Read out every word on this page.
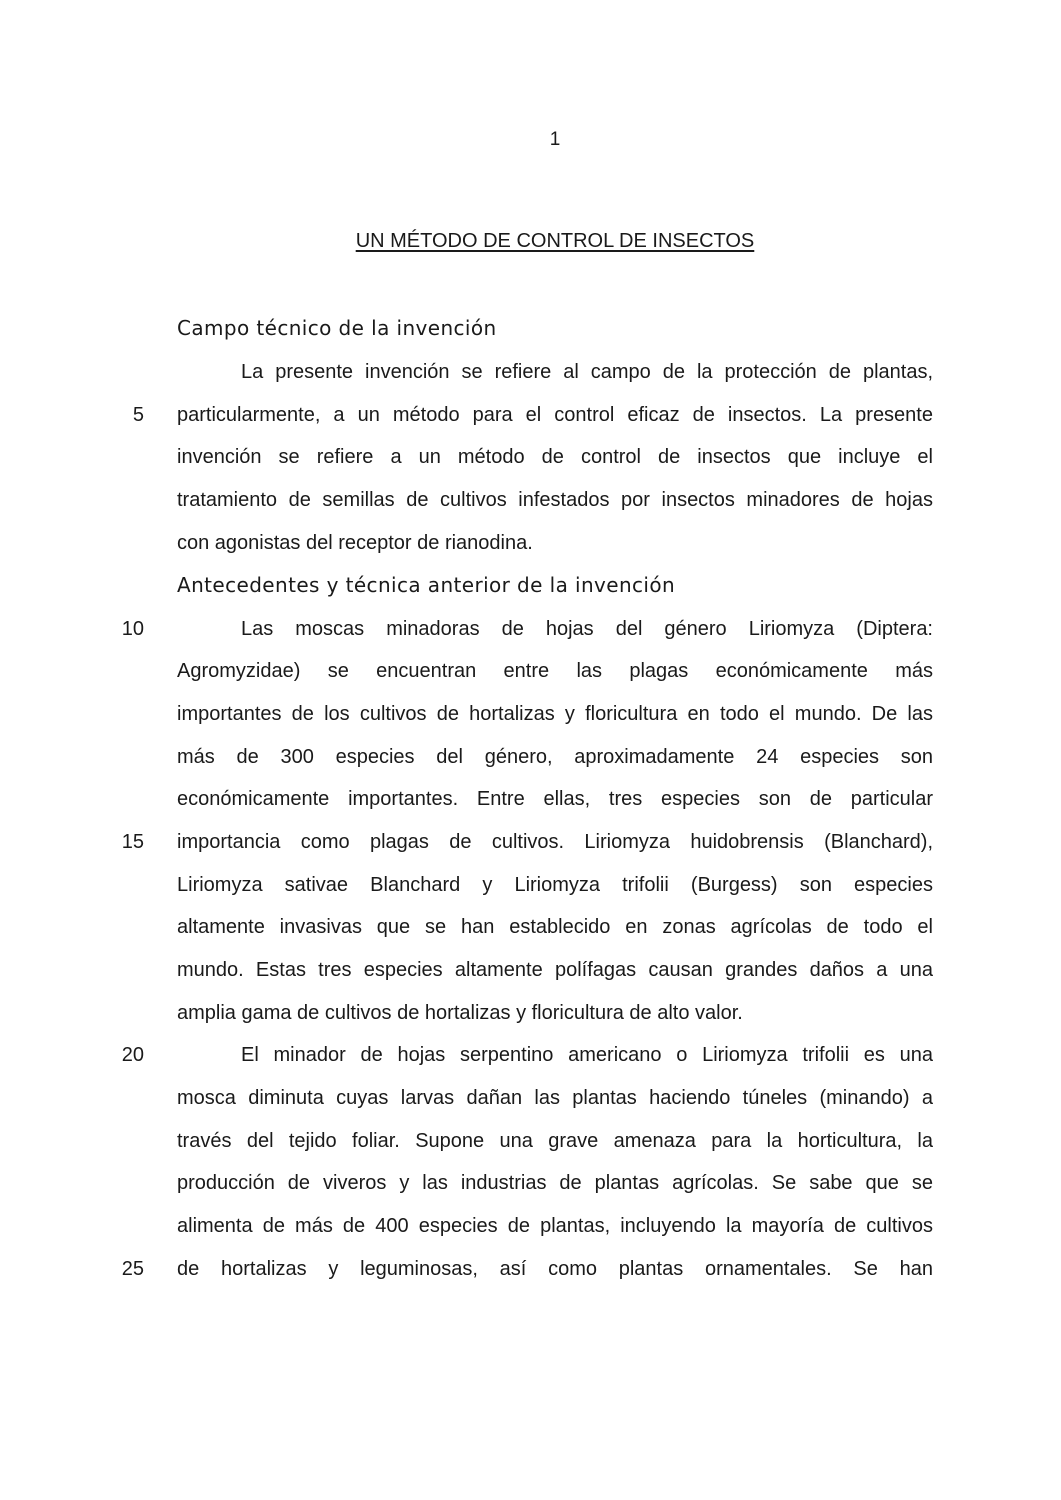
1
UN MÉTODO DE CONTROL DE INSECTOS
Campo técnico de la invención
La presente invención se refiere al campo de la protección de plantas,
5 particularmente, a un método para el control eficaz de insectos. La presente
invención se refiere a un método de control de insectos que incluye el
tratamiento de semillas de cultivos infestados por insectos minadores de hojas
con agonistas del receptor de rianodina.
Antecedentes y técnica anterior de la invención
10	Las moscas minadoras de hojas del género Liriomyza (Diptera:
Agromyzidae) se encuentran entre las plagas económicamente más
importantes de los cultivos de hortalizas y floricultura en todo el mundo. De las
más de 300 especies del género, aproximadamente 24 especies son
económicamente importantes. Entre ellas, tres especies son de particular
15 importancia como plagas de cultivos. Liriomyza huidobrensis (Blanchard),
Liriomyza sativae Blanchard y Liriomyza trifolii (Burgess) son especies
altamente invasivas que se han establecido en zonas agrícolas de todo el
mundo. Estas tres especies altamente polífagas causan grandes daños a una
amplia gama de cultivos de hortalizas y floricultura de alto valor.
20	El minador de hojas serpentino americano o Liriomyza trifolii es una
mosca diminuta cuyas larvas dañan las plantas haciendo túneles (minando) a
través del tejido foliar. Supone una grave amenaza para la horticultura, la
producción de viveros y las industrias de plantas agrícolas. Se sabe que se
alimenta de más de 400 especies de plantas, incluyendo la mayoría de cultivos
25 de hortalizas y leguminosas, así como plantas ornamentales. Se han
